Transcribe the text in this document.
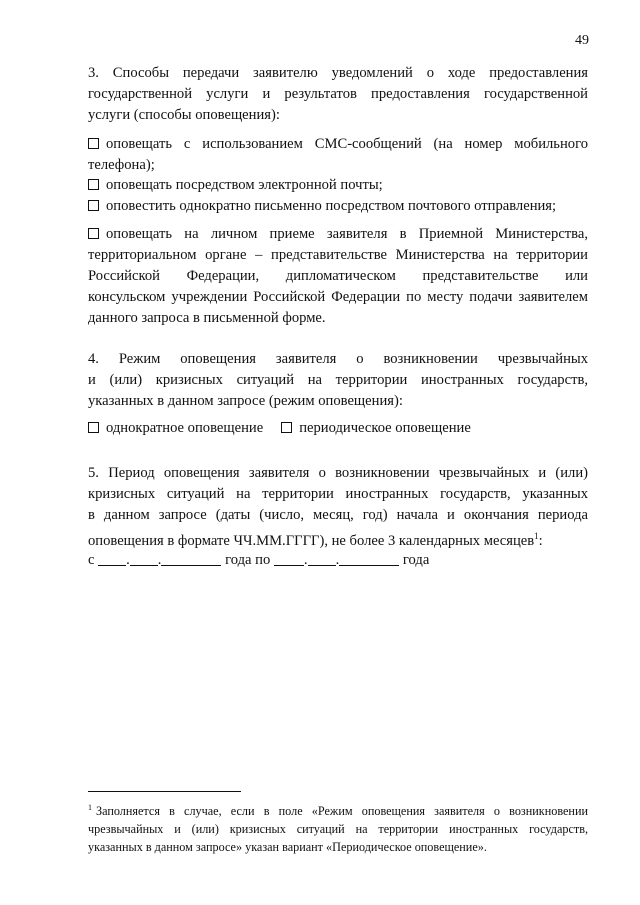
49
3. Способы передачи заявителю уведомлений о ходе предоставления
государственной услуги и результатов предоставления государственной
услуги (способы оповещения):
оповещать с использованием СМС-сообщений (на номер мобильного
телефона);
оповещать посредством электронной почты;
оповестить однократно письменно посредством почтового отправления;
оповещать на личном приеме заявителя в Приемной Министерства,
территориальном органе – представительстве Министерства на территории
Российской Федерации, дипломатическом представительстве или
консульском учреждении Российской Федерации по месту подачи заявителем
данного запроса в письменной форме.
4. Режим оповещения заявителя о возникновении чрезвычайных
и (или) кризисных ситуаций на территории иностранных государств,
указанных в данном запросе (режим оповещения):
однократное оповещение периодическое оповещение
5. Период оповещения заявителя о возникновении чрезвычайных и (или)
кризисных ситуаций на территории иностранных государств, указанных
в данном запросе (даты (число, месяц, год) начала и окончания периода
оповещения в формате ЧЧ.ММ.ГГГГ), не более 3 календарных месяцев$^1$:
с . .	года по . .	года
$^1$ Заполняется в случае, если в поле «Режим оповещения заявителя о возникновении
чрезвычайных и (или) кризисных ситуаций на территории иностранных государств,
указанных в данном запросе» указан вариант «Периодическое оповещение».
